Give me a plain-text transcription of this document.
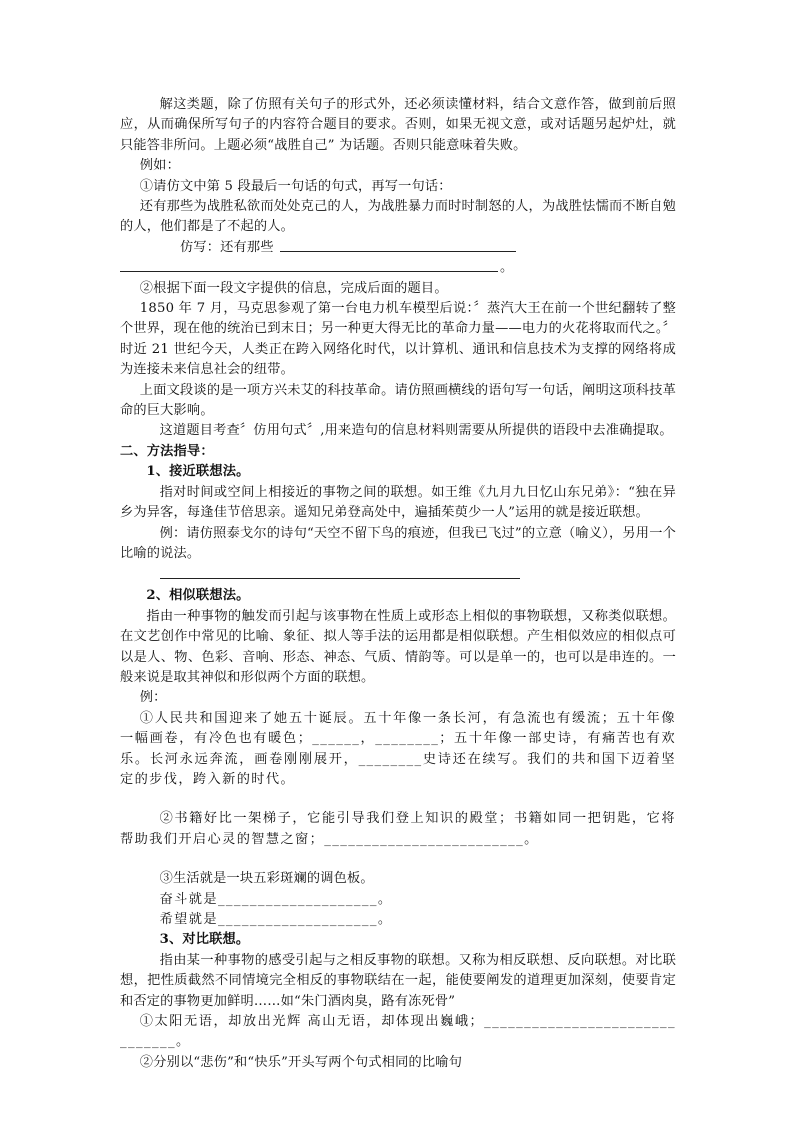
解这类题，除了仿照有关句子的形式外，还必须读懂材料，结合文意作答，做到前后照应，从而确保所写句子的内容符合题目的要求。否则，如果无视文意，或对话题另起炉灶，就只能答非所问。上题必须“战胜自己” 为话题。否则只能意味着失败。

例如：

①请仿文中第 5 段最后一句话的句式，再写一句话：

还有那些为战胜私欲而处处克己的人，为战胜暴力而时时制怒的人，为战胜怯懦而不断自勉的人，他们都是了不起的人。

仿写：还有那些
。

②根据下面一段文字提供的信息，完成后面的题目。

1850 年 7 月，马克思参观了第一台电力机车模型后说：〞蒸汽大王在前一个世纪翻转了整个世界，现在他的统治已到末日；另一种更大得无比的革命力量——电力的火花将取而代之。〞时近 21 世纪今天，人类正在跨入网络化时代，以计算机、通讯和信息技术为支撑的网络将成为连接未来信息社会的纽带。

上面文段谈的是一项方兴未艾的科技革命。请仿照画横线的语句写一句话，阐明这项科技革命的巨大影响。

这道题目考查〞仿用句式〞,用来造句的信息材料则需要从所提供的语段中去准确提取。

二、方法指导：

1、接近联想法。

指对时间或空间上相接近的事物之间的联想。如王维《九月九日忆山东兄弟》：“独在异乡为异客，每逢佳节倍思亲。遥知兄弟登高处中，遍插茱萸少一人”运用的就是接近联想。

例：请仿照泰戈尔的诗句“天空不留下鸟的痕迹，但我已飞过”的立意（喻义），另用一个比喻的说法。

2、相似联想法。

指由一种事物的触发而引起与该事物在性质上或形态上相似的事物联想，又称类似联想。在文艺创作中常见的比喻、象征、拟人等手法的运用都是相似联想。产生相似效应的相似点可以是人、物、色彩、音响、形态、神态、气质、情韵等。可以是单一的，也可以是串连的。一般来说是取其神似和形似两个方面的联想。

例：

①人民共和国迎来了她五十诞辰。五十年像一条长河，有急流也有缓流；五十年像一幅画卷，有冷色也有暖色；______，________；五十年像一部史诗，有痛苦也有欢乐。长河永远奔流，画卷刚刚展开，________史诗还在续写。我们的共和国下迈着坚定的步伐，跨入新的时代。

②书籍好比一架梯子，它能引导我们登上知识的殿堂；书籍如同一把钥匙，它将帮助我们开启心灵的智慧之窗；_________________________。

③生活就是一块五彩斑斓的调色板。

奋斗就是____________________。

希望就是____________________。

3、对比联想。

指由某一种事物的感受引起与之相反事物的联想。又称为相反联想、反向联想。对比联想，把性质截然不同情境完全相反的事物联结在一起，能使要阐发的道理更加深刻，使要肯定和否定的事物更加鲜明……如“朱门酒肉臭，路有冻死骨”

①太阳无语，却放出光辉 高山无语，却体现出巍峨；_______________________________。

②分别以“悲伤”和“快乐”开头写两个句式相同的比喻句
